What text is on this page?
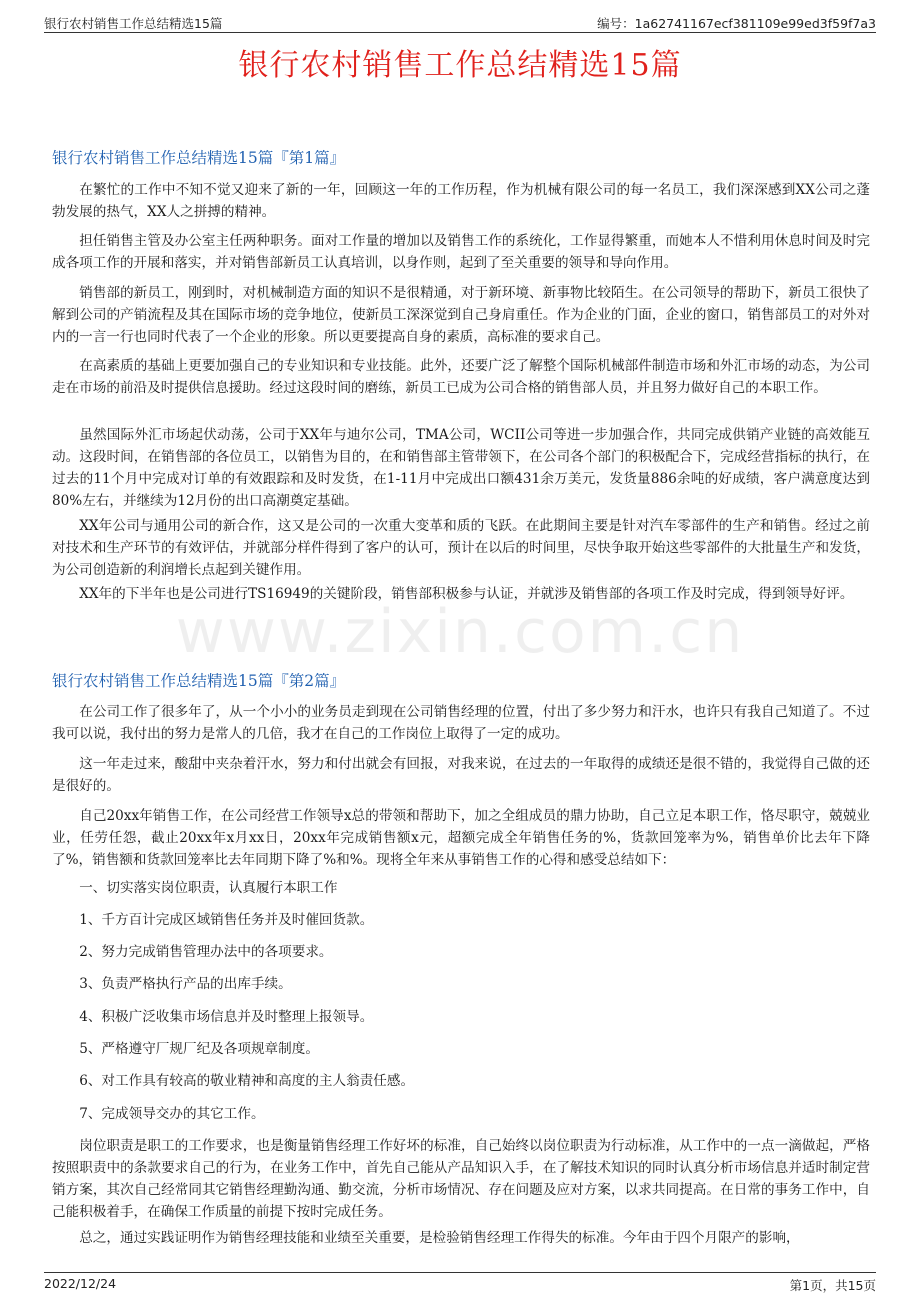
银行农村销售工作总结精选15篇	编号：1a62741167ecf381109e99ed3f59f7a3
银行农村销售工作总结精选15篇
银行农村销售工作总结精选15篇『第1篇』

在繁忙的工作中不知不觉又迎来了新的一年，回顾这一年的工作历程，作为机械有限公司的每一名员工，我们深深感到XX公司之蓬勃发展的热气，XX人之拼搏的精神。

担任销售主管及办公室主任两种职务。面对工作量的增加以及销售工作的系统化，工作显得繁重，而她本人不惜利用休息时间及时完成各项工作的开展和落实，并对销售部新员工认真培训，以身作则，起到了至关重要的领导和导向作用。

销售部的新员工，刚到时，对机械制造方面的知识不是很精通，对于新环境、新事物比较陌生。在公司领导的帮助下，新员工很快了解到公司的产销流程及其在国际市场的竞争地位，使新员工深深觉到自己身肩重任。作为企业的门面，企业的窗口，销售部员工的对外对内的一言一行也同时代表了一个企业的形象。所以更要提高自身的素质，高标准的要求自己。

在高素质的基础上更要加强自己的专业知识和专业技能。此外，还要广泛了解整个国际机械部件制造市场和外汇市场的动态，为公司走在市场的前沿及时提供信息援助。经过这段时间的磨练，新员工已成为公司合格的销售部人员，并且努力做好自己的本职工作。

虽然国际外汇市场起伏动荡，公司于XX年与迪尔公司，TMA公司，WCII公司等进一步加强合作，共同完成供销产业链的高效能互动。这段时间，在销售部的各位员工，以销售为目的，在和销售部主管带领下，在公司各个部门的积极配合下，完成经营指标的执行，在过去的11个月中完成对订单的有效跟踪和及时发货，在1-11月中完成出口额431余万美元，发货量886余吨的好成绩，客户满意度达到80%左右，并继续为12月份的出口高潮奠定基础。

XX年公司与通用公司的新合作，这又是公司的一次重大变革和质的飞跃。在此期间主要是针对汽车零部件的生产和销售。经过之前对技术和生产环节的有效评估，并就部分样件得到了客户的认可，预计在以后的时间里，尽快争取开始这些零部件的大批量生产和发货，为公司创造新的利润增长点起到关键作用。

XX年的下半年也是公司进行TS16949的关键阶段，销售部积极参与认证，并就涉及销售部的各项工作及时完成，得到领导好评。

www.zixin.com.cn
银行农村销售工作总结精选15篇『第2篇』

在公司工作了很多年了，从一个小小的业务员走到现在公司销售经理的位置，付出了多少努力和汗水，也许只有我自己知道了。不过我可以说，我付出的努力是常人的几倍，我才在自己的工作岗位上取得了一定的成功。

这一年走过来，酸甜中夹杂着汗水，努力和付出就会有回报，对我来说，在过去的一年取得的成绩还是很不错的，我觉得自己做的还是很好的。

自己20xx年销售工作，在公司经营工作领导x总的带领和帮助下，加之全组成员的鼎力协助，自己立足本职工作，恪尽职守，兢兢业业，任劳任怨，截止20xx年x月xx日，20xx年完成销售额x元，超额完成全年销售任务的%，货款回笼率为%，销售单价比去年下降了%，销售额和货款回笼率比去年同期下降了%和%。现将全年来从事销售工作的心得和感受总结如下：

一、切实落实岗位职责，认真履行本职工作

1、千方百计完成区域销售任务并及时催回货款。

2、努力完成销售管理办法中的各项要求。

3、负责严格执行产品的出库手续。

4、积极广泛收集市场信息并及时整理上报领导。

5、严格遵守厂规厂纪及各项规章制度。

6、对工作具有较高的敬业精神和高度的主人翁责任感。

7、完成领导交办的其它工作。

岗位职责是职工的工作要求，也是衡量销售经理工作好坏的标准，自己始终以岗位职责为行动标准，从工作中的一点一滴做起，严格按照职责中的条款要求自己的行为，在业务工作中，首先自己能从产品知识入手，在了解技术知识的同时认真分析市场信息并适时制定营销方案，其次自己经常同其它销售经理勤沟通、勤交流，分析市场情况、存在问题及应对方案，以求共同提高。在日常的事务工作中，自己能积极着手，在确保工作质量的前提下按时完成任务。

总之，通过实践证明作为销售经理技能和业绩至关重要，是检验销售经理工作得失的标准。今年由于四个月限产的影响，

2022/12/24	第1页，共15页
